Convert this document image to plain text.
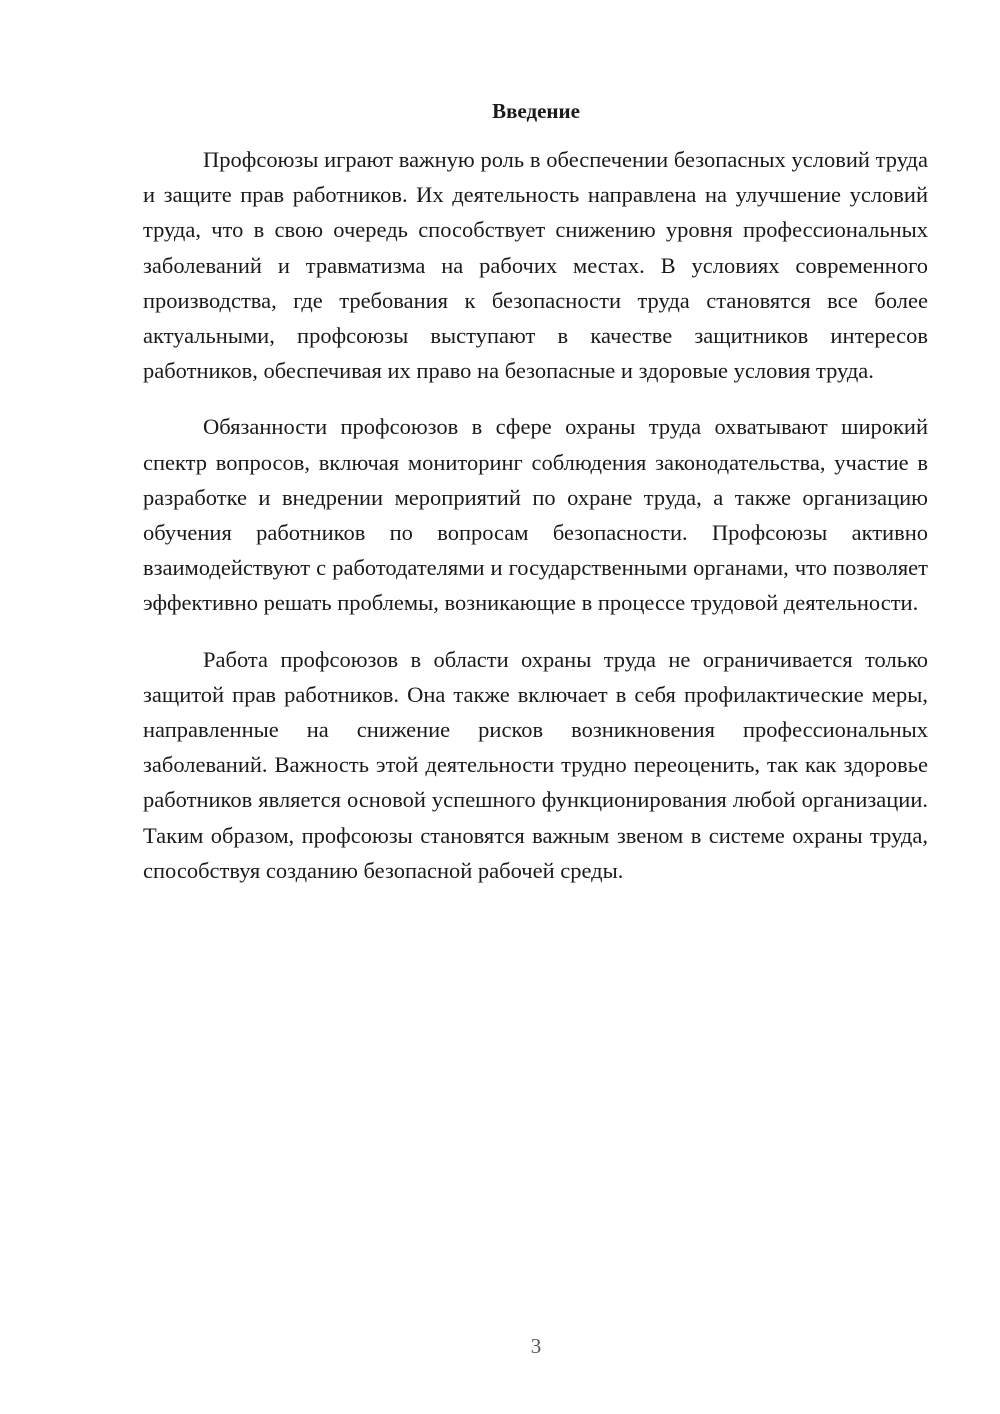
Введение

Профсоюзы играют важную роль в обеспечении безопасных условий труда и защите прав работников. Их деятельность направлена на улучшение условий труда, что в свою очередь способствует снижению уровня профессиональных заболеваний и травматизма на рабочих местах. В условиях современного производства, где требования к безопасности труда становятся все более актуальными, профсоюзы выступают в качестве защитников интересов работников, обеспечивая их право на безопасные и здоровые условия труда.

Обязанности профсоюзов в сфере охраны труда охватывают широкий спектр вопросов, включая мониторинг соблюдения законодательства, участие в разработке и внедрении мероприятий по охране труда, а также организацию обучения работников по вопросам безопасности. Профсоюзы активно взаимодействуют с работодателями и государственными органами, что позволяет эффективно решать проблемы, возникающие в процессе трудовой деятельности.

Работа профсоюзов в области охраны труда не ограничивается только защитой прав работников. Она также включает в себя профилактические меры, направленные на снижение рисков возникновения профессиональных заболеваний. Важность этой деятельности трудно переоценить, так как здоровье работников является основой успешного функционирования любой организации. Таким образом, профсоюзы становятся важным звеном в системе охраны труда, способствуя созданию безопасной рабочей среды.

3
